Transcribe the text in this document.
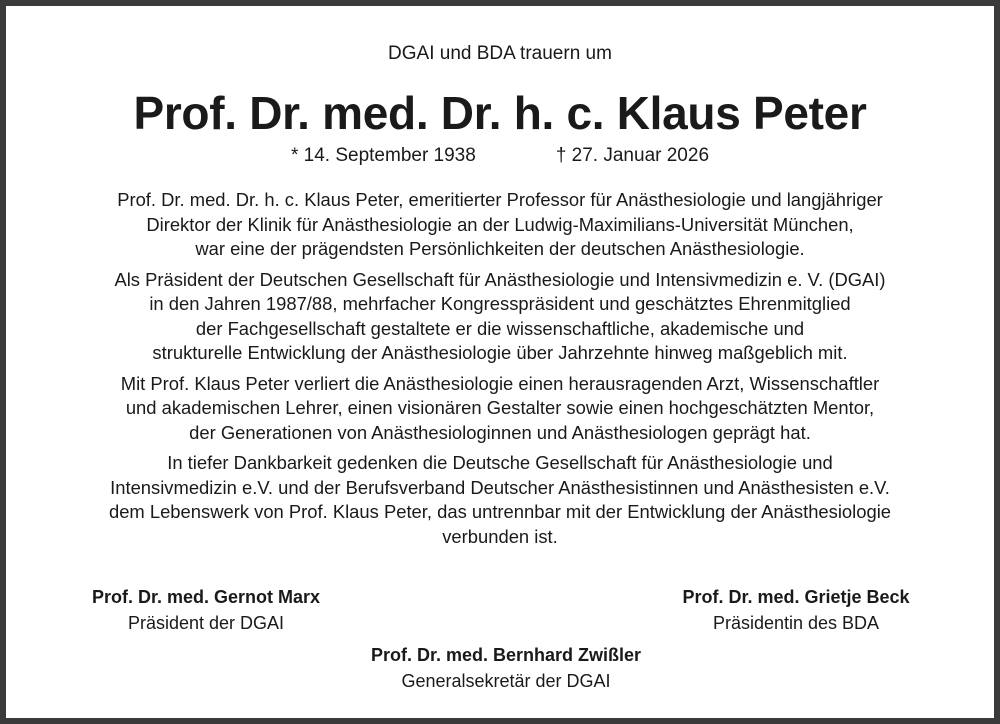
DGAI und BDA trauern um
Prof. Dr. med. Dr. h. c. Klaus Peter
* 14. September 1938	† 27. Januar 2026

Prof. Dr. med. Dr. h. c. Klaus Peter, emeritierter Professor für Anästhesiologie und langjähriger
Direktor der Klinik für Anästhesiologie an der Ludwig-Maximilians-Universität München,
war eine der prägendsten Persönlichkeiten der deutschen Anästhesiologie.

Als Präsident der Deutschen Gesellschaft für Anästhesiologie und Intensivmedizin e. V. (DGAI)
in den Jahren 1987/88, mehrfacher Kongresspräsident und geschätztes Ehrenmitglied
der Fachgesellschaft gestaltete er die wissenschaftliche, akademische und
strukturelle Entwicklung der Anästhesiologie über Jahrzehnte hinweg maßgeblich mit.

Mit Prof. Klaus Peter verliert die Anästhesiologie einen herausragenden Arzt, Wissenschaftler
und akademischen Lehrer, einen visionären Gestalter sowie einen hochgeschätzten Mentor,
der Generationen von Anästhesiologinnen und Anästhesiologen geprägt hat.

In tiefer Dankbarkeit gedenken die Deutsche Gesellschaft für Anästhesiologie und
Intensivmedizin e.V. und der Berufsverband Deutscher Anästhesistinnen und Anästhesisten e.V.
dem Lebenswerk von Prof. Klaus Peter, das untrennbar mit der Entwicklung der Anästhesiologie
verbunden ist.

Prof. Dr. med. Gernot Marx
Präsident der DGAI
Prof. Dr. med. Grietje Beck
Präsidentin des BDA
Prof. Dr. med. Bernhard Zwißler
Generalsekretär der DGAI
